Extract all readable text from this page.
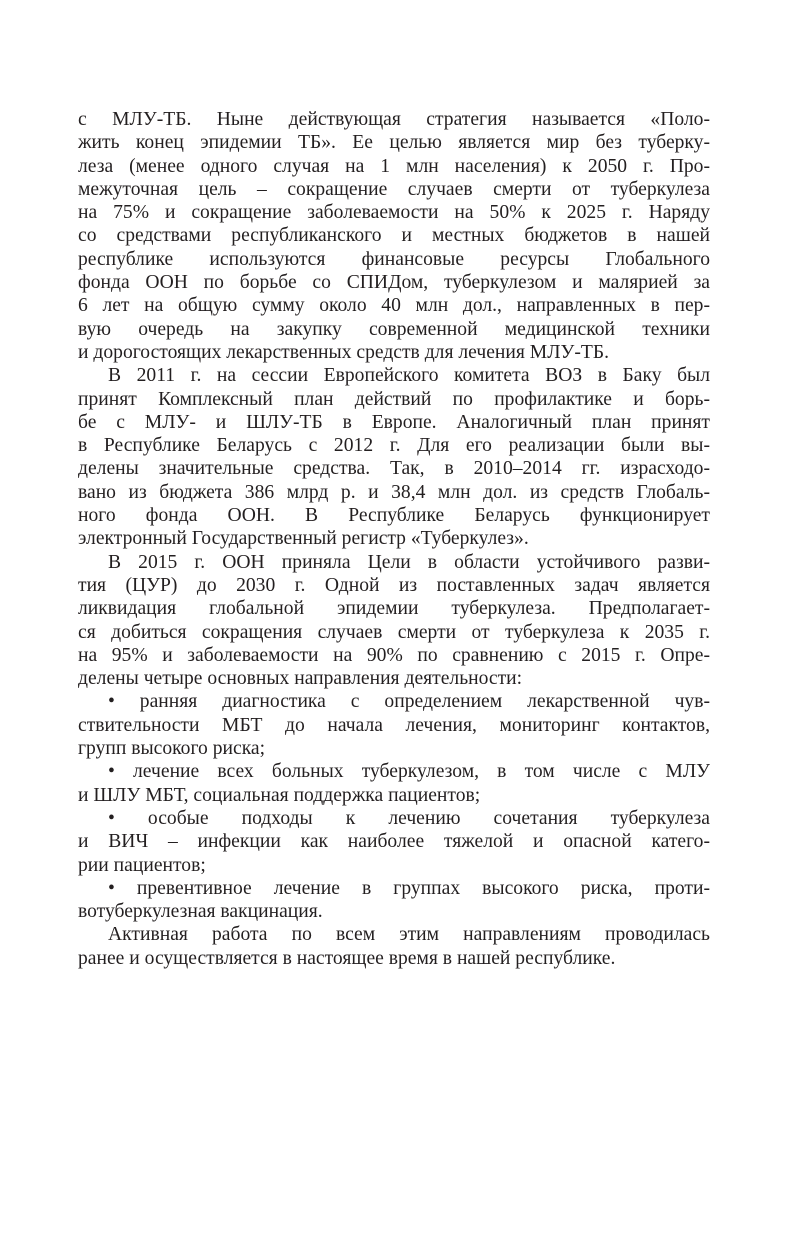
с МЛУ-ТБ. Ныне действующая стратегия называется «Поло-
жить конец эпидемии ТБ». Ее целью является мир без туберку-
леза (менее одного случая на 1 млн населения) к 2050 г. Про-
межуточная цель – сокращение случаев смерти от туберкулеза
на 75% и сокращение заболеваемости на 50% к 2025 г. Наряду
со средствами республиканского и местных бюджетов в нашей
республике используются финансовые ресурсы Глобального
фонда ООН по борьбе со СПИДом, туберкулезом и малярией за
6 лет на общую сумму около 40 млн дол., направленных в пер-
вую очередь на закупку современной медицинской техники
и дорогостоящих лекарственных средств для лечения МЛУ-ТБ.
В 2011 г. на сессии Европейского комитета ВОЗ в Баку был
принят Комплексный план действий по профилактике и борь-
бе с МЛУ- и ШЛУ-ТБ в Европе. Аналогичный план принят
в Республике Беларусь с 2012 г. Для его реализации были вы-
делены значительные средства. Так, в 2010–2014 гг. израсходо-
вано из бюджета 386 млрд р. и 38,4 млн дол. из средств Глобаль-
ного фонда ООН. В Республике Беларусь функционирует
электронный Государственный регистр «Туберкулез».
В 2015 г. ООН приняла Цели в области устойчивого разви-
тия (ЦУР) до 2030 г. Одной из поставленных задач является
ликвидация глобальной эпидемии туберкулеза. Предполагает-
ся добиться сокращения случаев смерти от туберкулеза к 2035 г.
на 95% и заболеваемости на 90% по сравнению с 2015 г. Опре-
делены четыре основных направления деятельности:
• ранняя диагностика с определением лекарственной чув-
ствительности МБТ до начала лечения, мониторинг контактов,
групп высокого риска;
• лечение всех больных туберкулезом, в том числе с МЛУ
и ШЛУ МБТ, социальная поддержка пациентов;
• особые подходы к лечению сочетания туберкулеза
и ВИЧ – инфекции как наиболее тяжелой и опасной катего-
рии пациентов;
• превентивное лечение в группах высокого риска, проти-
вотуберкулезная вакцинация.
Активная работа по всем этим направлениям проводилась
ранее и осуществляется в настоящее время в нашей республике.
